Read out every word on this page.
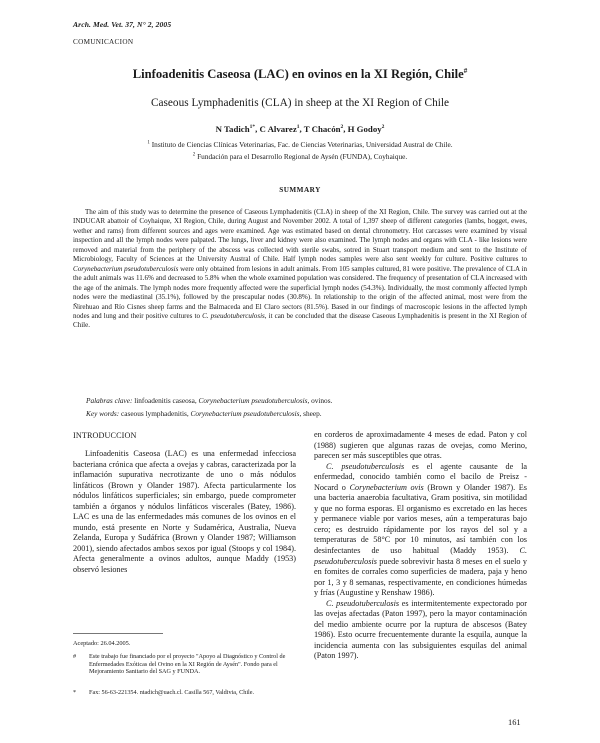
Arch. Med. Vet. 37, N° 2, 2005
COMUNICACION
Linfoadenitis Caseosa (LAC) en ovinos en la XI Región, Chile#
Caseous Lymphadenitis (CLA) in sheep at the XI Region of Chile
N Tadich$^{1*}$, C Alvarez$^1$, T Chacón$^2$, H Godoy$^2$
$^1$ Instituto de Ciencias Clínicas Veterinarias, Fac. de Ciencias Veterinarias, Universidad Austral de Chile.
$^2$ Fundación para el Desarrollo Regional de Aysén (FUNDA), Coyhaique.
SUMMARY
The aim of this study was to determine the presence of Caseous Lymphadenitis (CLA) in sheep of the XI Region, Chile. The survey was carried out at the INDUCAR abattoir of Coyhaique, XI Region, Chile, during August and November 2002. A total of 1,397 sheep of different categories (lambs, hogget, ewes, wether and rams) from different sources and ages were examined. Age was estimated based on dental chronometry. Hot carcasses were examined by visual inspection and all the lymph nodes were palpated. The lungs, liver and kidney were also examined. The lymph nodes and organs with CLA - like lesions were removed and material from the periphery of the abscess was collected with sterile swabs, sotred in Stuart transport medium and sent to the Institute of Microbiology, Faculty of Sciences at the University Austral of Chile. Half lymph nodes samples were also sent weekly for culture. Positive cultures to Corynebacterium pseudotuberculosis were only obtained from lesions in adult animals. From 105 samples cultured, 81 were positive. The prevalence of CLA in the adult animals was 11.6% and decreased to 5.8% when the whole examined population was considered. The frequency of presentation of CLA increased with the age of the animals. The lymph nodes more frequently affected were the superficial lymph nodes (54.3%). Individually, the most commonly affected lymph nodes were the mediastinal (35.1%), followed by the prescapular nodes (30.8%). In relationship to the origin of the affected animal, most were from the Ñirehuao and Río Cisnes sheep farms and the Balmaceda and El Claro sectors (81.5%). Based in our findings of macroscopic lesions in the affected lymph nodes and lung and their positive cultures to C. pseudotuberculosis, it can be concluded that the disease Caseous Lymphadenitis is present in the XI Region of Chile.
Palabras clave: linfoadenitis caseosa, Corynebacterium pseudotuberculosis, ovinos.
Key words: caseous lymphadenitis, Corynebacterium pseudotuberculosis, sheep.
INTRODUCCION

Linfoadenitis Caseosa (LAC) es una enfermedad infecciosa bacteriana crónica que afecta a ovejas y cabras, caracterizada por la inflamación supurativa necrotizante de uno o más nódulos linfáticos (Brown y Olander 1987). Afecta particularmente los nódulos linfáticos superficiales; sin embargo, puede comprometer también a órganos y nódulos linfáticos viscerales (Batey, 1986). LAC es una de las enfermedades más comunes de los ovinos en el mundo, está presente en Norte y Sudamérica, Australia, Nueva Zelanda, Europa y Sudáfrica (Brown y Olander 1987; Williamson 2001), siendo afectados ambos sexos por igual (Stoops y col 1984). Afecta generalmente a ovinos adultos, aunque Maddy (1953) observó lesiones

en corderos de aproximadamente 4 meses de edad. Paton y col (1988) sugieren que algunas razas de ovejas, como Merino, parecen ser más susceptibles que otras.

C. pseudotuberculosis es el agente causante de la enfermedad, conocido también como el bacilo de Preisz - Nocard o Corynebacterium ovis (Brown y Olander 1987). Es una bacteria anaerobia facultativa, Gram positiva, sin motilidad y que no forma esporas. El organismo es excretado en las heces y permanece viable por varios meses, aún a temperaturas bajo cero; es destruido rápidamente por los rayos del sol y a temperaturas de 58°C por 10 minutos, así también con los desinfectantes de uso habitual (Maddy 1953). C. pseudotuberculosis puede sobrevivir hasta 8 meses en el suelo y en fomites de corrales como superficies de madera, paja y heno por 1, 3 y 8 semanas, respectivamente, en condiciones húmedas y frías (Augustine y Renshaw 1986).

C. pseudotuberculosis es intermitentemente expectorado por las ovejas afectadas (Paton 1997), pero la mayor contaminación del medio ambiente ocurre por la ruptura de abscesos (Batey 1986). Esto ocurre frecuentemente durante la esquila, aunque la incidencia aumenta con las subsiguientes esquilas del animal (Paton 1997).

Aceptado: 26.04.2005.
# Este trabajo fue financiado por el proyecto "Apoyo al Diagnóstico y Control de Enfermedades Exóticas del Ovino en la XI Región de Aysén". Fondo para el Mejoramiento Sanitario del SAG y FUNDA.
* Fax: 56-63-221354. ntadich@uach.cl. Casilla 567, Valdivia, Chile.
161
